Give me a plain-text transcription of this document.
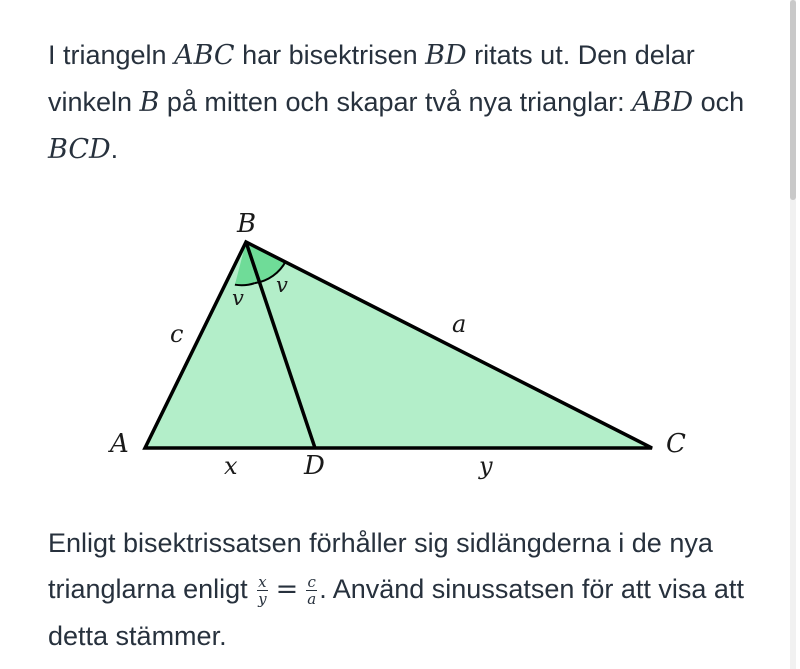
I triangeln ABC har bisektrisen BD ritats ut. Den delar vinkeln B på mitten och skapar två nya trianglar: ABD och BCD.

B
A	C
D
c	a
x	y
v
v

Enligt bisektrissatsen förhåller sig sidlängderna i de nya trianglarna enligt $\frac{x}{y} = \frac{c}{a}$ . Använd sinussatsen för att visa att detta stämmer.
